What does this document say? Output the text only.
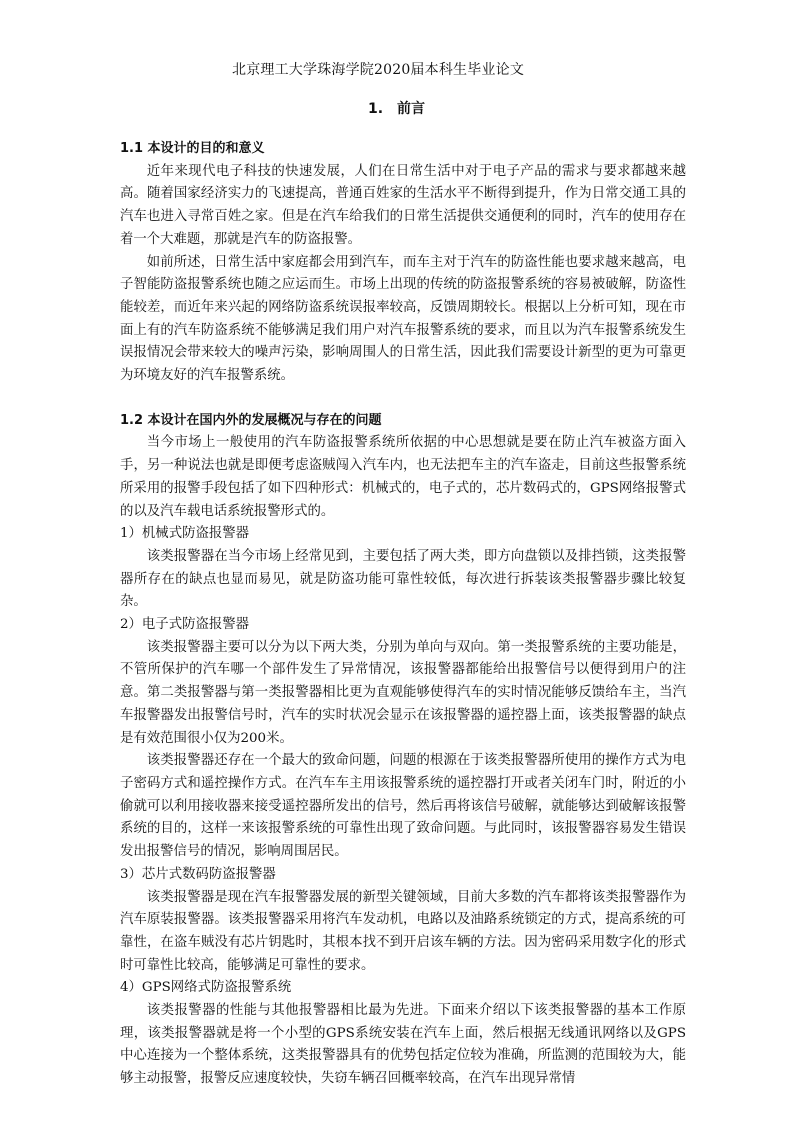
北京理工大学珠海学院2020届本科生毕业论文
1.　前言
1.1 本设计的目的和意义

近年来现代电子科技的快速发展，人们在日常生活中对于电子产品的需求与要求都越来越高。随着国家经济实力的飞速提高，普通百姓家的生活水平不断得到提升，作为日常交通工具的汽车也进入寻常百姓之家。但是在汽车给我们的日常生活提供交通便利的同时，汽车的使用存在着一个大难题，那就是汽车的防盗报警。

如前所述，日常生活中家庭都会用到汽车，而车主对于汽车的防盗性能也要求越来越高，电子智能防盗报警系统也随之应运而生。市场上出现的传统的防盗报警系统的容易被破解，防盗性能较差，而近年来兴起的网络防盗系统误报率较高，反馈周期较长。根据以上分析可知，现在市面上有的汽车防盗系统不能够满足我们用户对汽车报警系统的要求，而且以为汽车报警系统发生误报情况会带来较大的噪声污染，影响周围人的日常生活，因此我们需要设计新型的更为可靠更为环境友好的汽车报警系统。

1.2 本设计在国内外的发展概况与存在的问题

当今市场上一般使用的汽车防盗报警系统所依据的中心思想就是要在防止汽车被盗方面入手，另一种说法也就是即便考虑盗贼闯入汽车内，也无法把车主的汽车盗走，目前这些报警系统所采用的报警手段包括了如下四种形式：机械式的，电子式的，芯片数码式的，GPS网络报警式的以及汽车载电话系统报警形式的。

1）机械式防盗报警器

该类报警器在当今市场上经常见到，主要包括了两大类，即方向盘锁以及排挡锁，这类报警器所存在的缺点也显而易见，就是防盗功能可靠性较低，每次进行拆装该类报警器步骤比较复杂。

2）电子式防盗报警器

该类报警器主要可以分为以下两大类，分别为单向与双向。第一类报警系统的主要功能是，不管所保护的汽车哪一个部件发生了异常情况，该报警器都能给出报警信号以便得到用户的注意。第二类报警器与第一类报警器相比更为直观能够使得汽车的实时情况能够反馈给车主，当汽车报警器发出报警信号时，汽车的实时状况会显示在该报警器的遥控器上面，该类报警器的缺点是有效范围很小仅为200米。

该类报警器还存在一个最大的致命问题，问题的根源在于该类报警器所使用的操作方式为电子密码方式和遥控操作方式。在汽车车主用该报警系统的遥控器打开或者关闭车门时，附近的小偷就可以利用接收器来接受遥控器所发出的信号，然后再将该信号破解，就能够达到破解该报警系统的目的，这样一来该报警系统的可靠性出现了致命问题。与此同时，该报警器容易发生错误发出报警信号的情况，影响周围居民。

3）芯片式数码防盗报警器

该类报警器是现在汽车报警器发展的新型关键领域，目前大多数的汽车都将该类报警器作为汽车原装报警器。该类报警器采用将汽车发动机，电路以及油路系统锁定的方式，提高系统的可靠性，在盗车贼没有芯片钥匙时，其根本找不到开启该车辆的方法。因为密码采用数字化的形式时可靠性比较高，能够满足可靠性的要求。

4）GPS网络式防盗报警系统

该类报警器的性能与其他报警器相比最为先进。下面来介绍以下该类报警器的基本工作原理，该类报警器就是将一个小型的GPS系统安装在汽车上面，然后根据无线通讯网络以及GPS中心连接为一个整体系统，这类报警器具有的优势包括定位较为准确，所监测的范围较为大，能够主动报警，报警反应速度较快，失窃车辆召回概率较高，在汽车出现异常情
